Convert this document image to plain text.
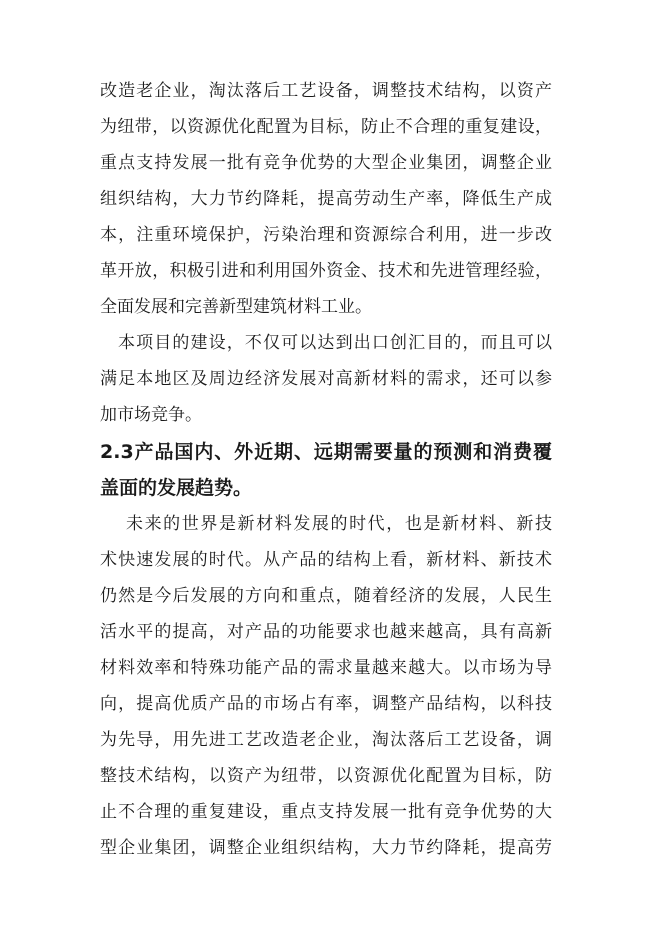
改造老企业，淘汰落后工艺设备，调整技术结构，以资产
为纽带，以资源优化配置为目标，防止不合理的重复建设，
重点支持发展一批有竞争优势的大型企业集团，调整企业
组织结构，大力节约降耗，提高劳动生产率，降低生产成
本，注重环境保护，污染治理和资源综合利用，进一步改
革开放，积极引进和利用国外资金、技术和先进管理经验，
全面发展和完善新型建筑材料工业。
本项目的建设，不仅可以达到出口创汇目的，而且可以
满足本地区及周边经济发展对高新材料的需求，还可以参
加市场竞争。
2.3产品国内、外近期、远期需要量的预测和消费覆
盖面的发展趋势。
未来的世界是新材料发展的时代，也是新材料、新技
术快速发展的时代。从产品的结构上看，新材料、新技术
仍然是今后发展的方向和重点，随着经济的发展，人民生
活水平的提高，对产品的功能要求也越来越高，具有高新
材料效率和特殊功能产品的需求量越来越大。以市场为导
向，提高优质产品的市场占有率，调整产品结构，以科技
为先导，用先进工艺改造老企业，淘汰落后工艺设备，调
整技术结构，以资产为纽带，以资源优化配置为目标，防
止不合理的重复建设，重点支持发展一批有竞争优势的大
型企业集团，调整企业组织结构，大力节约降耗，提高劳
